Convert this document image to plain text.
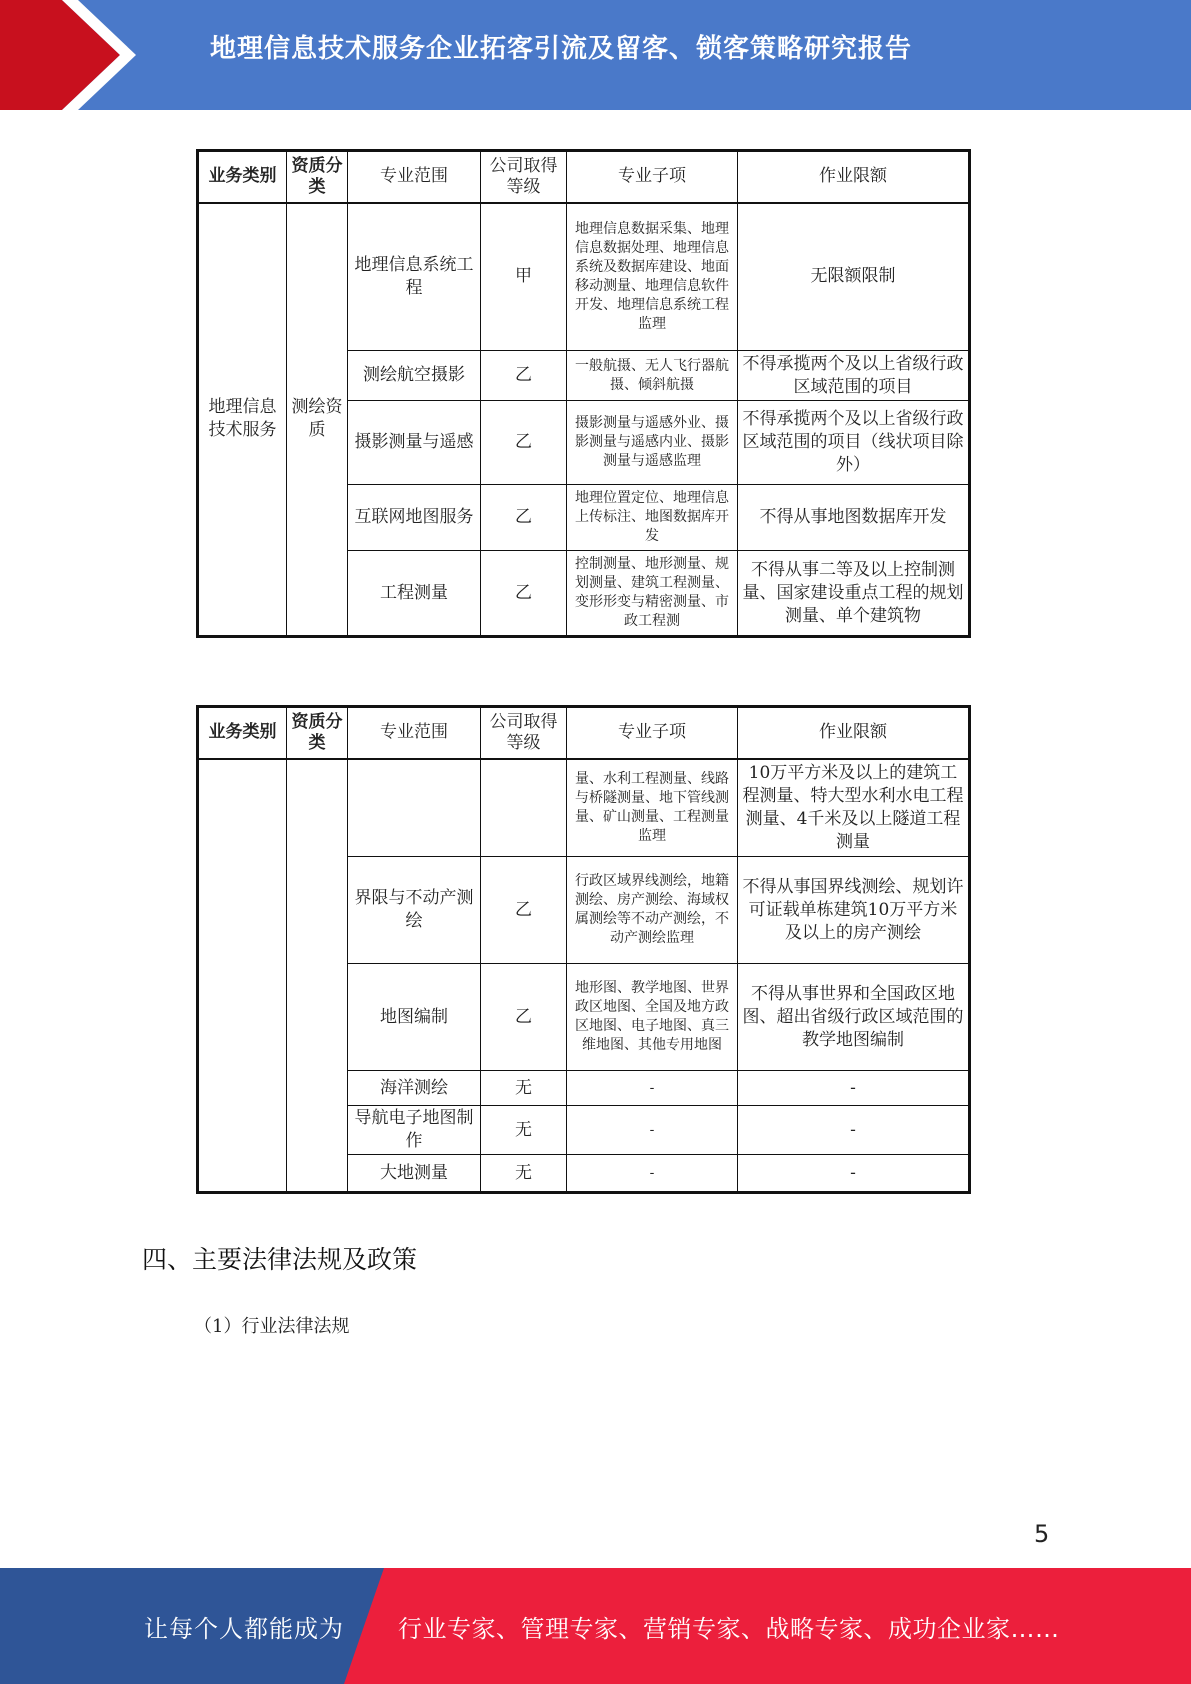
地理信息技术服务企业拓客引流及留客、锁客策略研究报告
业务类别	资质分类	专业范围	公司取得等级	专业子项	作业限额
地理信息技术服务	测绘资质	地理信息系统工程	甲	地理信息数据采集、地理信息数据处理、地理信息系统及数据库建设、地面移动测量、地理信息软件开发、地理信息系统工程监理	无限额限制
		测绘航空摄影	乙	一般航摄、无人飞行器航摄、倾斜航摄	不得承揽两个及以上省级行政区域范围的项目
		摄影测量与遥感	乙	摄影测量与遥感外业、摄影测量与遥感内业、摄影测量与遥感监理	不得承揽两个及以上省级行政区域范围的项目（线状项目除外）
		互联网地图服务	乙	地理位置定位、地理信息上传标注、地图数据库开发	不得从事地图数据库开发
		工程测量	乙	控制测量、地形测量、规划测量、建筑工程测量、变形形变与精密测量、市政工程测	不得从事二等及以上控制测量、国家建设重点工程的规划测量、单个建筑物
业务类别	资质分类	专业范围	公司取得等级	专业子项	作业限额
				量、水利工程测量、线路与桥隧测量、地下管线测量、矿山测量、工程测量监理	10万平方米及以上的建筑工程测量、特大型水利水电工程测量、4千米及以上隧道工程测量
		界限与不动产测绘	乙	行政区域界线测绘，地籍测绘、房产测绘、海域权属测绘等不动产测绘，不动产测绘监理	不得从事国界线测绘、规划许可证载单栋建筑10万平方米及以上的房产测绘
		地图编制	乙	地形图、教学地图、世界政区地图、全国及地方政区地图、电子地图、真三维地图、其他专用地图	不得从事世界和全国政区地图、超出省级行政区域范围的教学地图编制
		海洋测绘	无	-	-
		导航电子地图制作	无	-	-
		大地测量	无	-	-
四、主要法律法规及政策
（1）行业法律法规
5
让每个人都能成为 行业专家、管理专家、营销专家、战略专家、成功企业家……
